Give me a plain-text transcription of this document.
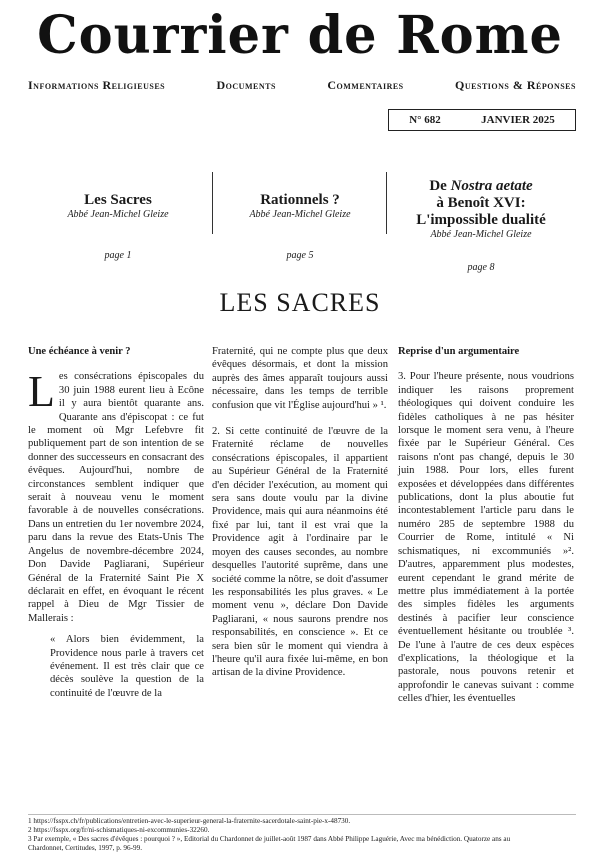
Courrier de Rome
Informations Religieuses	Documents	Commentaires	Questions & Réponses
N° 682	JANVIER 2025
Les Sacres
Abbé Jean-Michel Gleize
page 1
Rationnels ?
Abbé Jean-Michel Gleize
page 5
De Nostra aetate
à Benoît XVI: L'impossible dualité
Abbé Jean-Michel Gleize
page 8
LES SACRES

Une échéance à venir ?

Les consécrations épiscopales du 30 juin 1988 eurent lieu à Ecône il y aura bientôt quarante ans. Quarante ans d'épiscopat : ce fut le moment où Mgr Lefebvre fit publiquement part de son intention de se donner des successeurs en consacrant des évêques. Aujourd'hui, nombre de circonstances semblent indiquer que serait à nouveau venu le moment favorable à de nouvelles consécrations. Dans un entretien du 1er novembre 2024, paru dans la revue des Etats-Unis The Angelus de novembre-décembre 2024, Don Davide Pagliarani, Supérieur Général de la Fraternité Saint Pie X déclarait en effet, en évoquant le récent rappel à Dieu de Mgr Tissier de Mallerais :

« Alors bien évidemment, la Providence nous parle à travers cet événement. Il est très clair que ce décès soulève la question de la continuité de l'œuvre de la

Fraternité, qui ne compte plus que deux évêques désormais, et dont la mission auprès des âmes apparaît toujours aussi nécessaire, dans les temps de terrible confusion que vit l'Église aujourd'hui » ¹.

2. Si cette continuité de l'œuvre de la Fraternité réclame de nouvelles consécrations épiscopales, il appartient au Supérieur Général de la Fraternité d'en décider l'exécution, au moment qui sera sans doute voulu par la divine Providence, mais qui aura néanmoins été fixé par lui, tant il est vrai que la Providence agit à l'ordinaire par le moyen des causes secondes, au nombre desquelles l'autorité suprême, dans une société comme la nôtre, se doit d'assumer les responsabilités les plus graves. « Le moment venu », déclare Don Davide Pagliarani, « nous saurons prendre nos responsabilités, en conscience ». Et ce sera bien sûr le moment qui viendra à l'heure qu'il aura fixée lui-même, en bon artisan de la divine Providence.

Reprise d'un argumentaire

3. Pour l'heure présente, nous voudrions indiquer les raisons proprement théologiques qui doivent conduire les fidèles catholiques à ne pas hésiter lorsque le moment sera venu, à l'heure fixée par le Supérieur Général. Ces raisons n'ont pas changé, depuis le 30 juin 1988. Pour lors, elles furent exposées et développées dans différentes publications, dont la plus aboutie fut incontestablement l'article paru dans le numéro 285 de septembre 1988 du Courrier de Rome, intitulé « Ni schismatiques, ni excommuniés »². D'autres, apparemment plus modestes, eurent cependant le grand mérite de mettre plus immédiatement à la portée des simples fidèles les arguments destinés à pacifier leur conscience éventuellement hésitante ou troublée ³. De l'une à l'autre de ces deux espèces d'explications, la théologique et la pastorale, nous pouvons retenir et approfondir le canevas suivant : comme celles d'hier, les éventuelles

1 https://fsspx.ch/fr/publications/entretien-avec-le-superieur-general-la-fraternite-sacerdotale-saint-pie-x-48730.
2 https://fsspx.org/fr/ni-schismatiques-ni-excommunies-32260.
3 Par exemple, « Des sacres d'évêques : pourquoi ? », Editorial du Chardonnet de juillet-août 1987 dans Abbé Philippe Laguérie, Avec ma bénédiction. Quatorze ans au
Chardonnet, Certitudes, 1997, p. 96-99.
